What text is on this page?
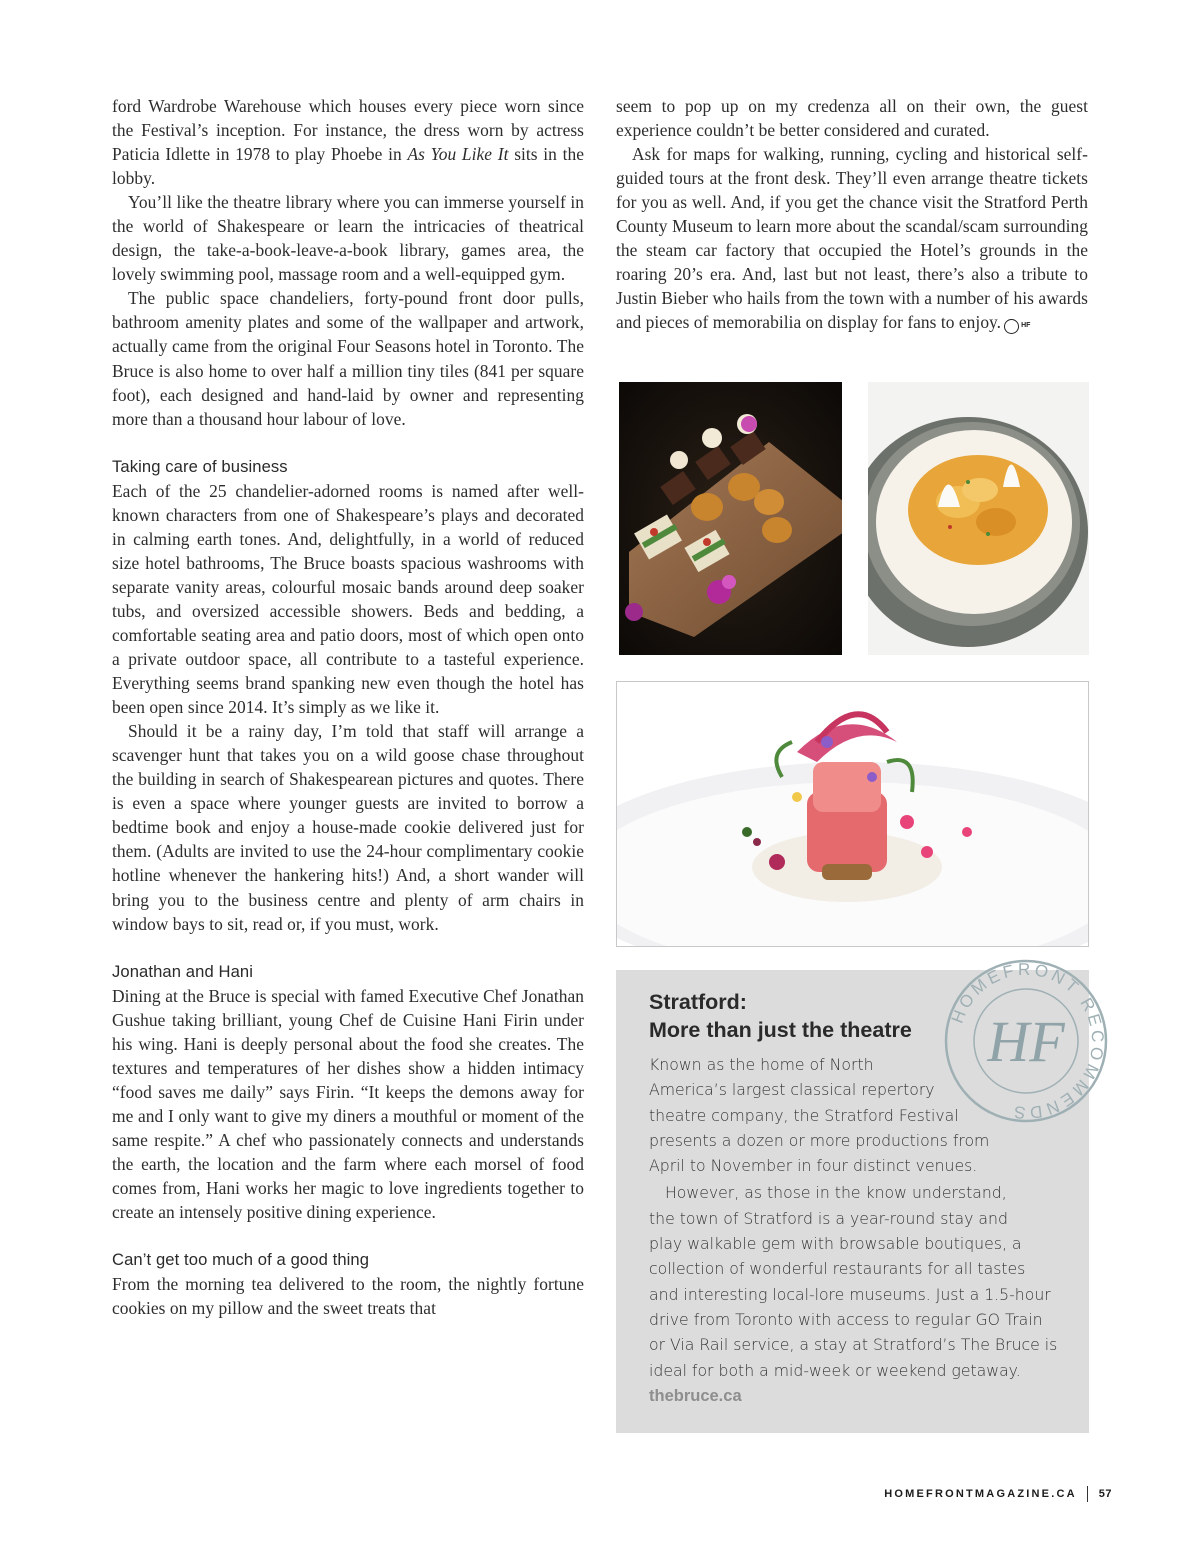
ford Wardrobe Warehouse which houses every piece worn since the Festival’s inception. For instance, the dress worn by actress Paticia Idlette in 1978 to play Phoebe in As You Like It sits in the lobby.

You’ll like the theatre library where you can immerse yourself in the world of Shakespeare or learn the intricacies of theatrical design, the take-a-book-leave-a-book library, games area, the lovely swimming pool, massage room and a well-equipped gym.

The public space chandeliers, forty-pound front door pulls, bathroom amenity plates and some of the wallpaper and artwork, actually came from the original Four Seasons hotel in Toronto. The Bruce is also home to over half a million tiny tiles (841 per square foot), each designed and hand-laid by owner and representing more than a thousand hour labour of love.

Taking care of business

Each of the 25 chandelier-adorned rooms is named after well-known characters from one of Shakespeare’s plays and decorated in calming earth tones. And, delightfully, in a world of reduced size hotel bathrooms, The Bruce boasts spacious washrooms with separate vanity areas, colourful mosaic bands around deep soaker tubs, and oversized accessible showers. Beds and bedding, a comfortable seating area and patio doors, most of which open onto a private outdoor space, all contribute to a tasteful experience. Everything seems brand spanking new even though the hotel has been open since 2014. It’s simply as we like it.

Should it be a rainy day, I’m told that staff will arrange a scavenger hunt that takes you on a wild goose chase throughout the building in search of Shakespearean pictures and quotes. There is even a space where younger guests are invited to borrow a bedtime book and enjoy a house-made cookie delivered just for them. (Adults are invited to use the 24-hour complimentary cookie hotline whenever the hankering hits!) And, a short wander will bring you to the business centre and plenty of arm chairs in window bays to sit, read or, if you must, work.

Jonathan and Hani

Dining at the Bruce is special with famed Executive Chef Jonathan Gushue taking brilliant, young Chef de Cuisine Hani Firin under his wing. Hani is deeply personal about the food she creates. The textures and temperatures of her dishes show a hidden intimacy “food saves me daily” says Firin. “It keeps the demons away for me and I only want to give my diners a mouthful or moment of the same respite.” A chef who passionately connects and understands the earth, the location and the farm where each morsel of food comes from, Hani works her magic to love ingredients together to create an intensely positive dining experience.

Can’t get too much of a good thing

From the morning tea delivered to the room, the nightly fortune cookies on my pillow and the sweet treats that

seem to pop up on my credenza all on their own, the guest experience couldn’t be better considered and curated.

Ask for maps for walking, running, cycling and historical self-guided tours at the front desk. They’ll even arrange theatre tickets for you as well. And, if you get the chance visit the Stratford Perth County Museum to learn more about the scandal/scam surrounding the steam car factory that occupied the Hotel’s grounds in the roaring 20’s era. And, last but not least, there’s also a tribute to Justin Bieber who hails from the town with a number of his awards and pieces of memorabilia on display for fans to enjoy.	HF

Stratford:
More than just the theatre
Known as the home of North
America’s largest classical repertory
theatre company, the Stratford Festival
presents a dozen or more productions from
April to November in four distinct venues.
However, as those in the know understand,
the town of Stratford is a year-round stay and
play walkable gem with browsable boutiques, a
collection of wonderful restaurants for all tastes
and interesting local-lore museums. Just a 1.5-hour
drive from Toronto with access to regular GO Train
or Via Rail service, a stay at Stratford’s The Bruce is
ideal for both a mid-week or weekend getaway.
thebruce.ca
HOMEFRONT RECOMMENDS
HF
HOMEFRONTMAGAZINE.CA 57
